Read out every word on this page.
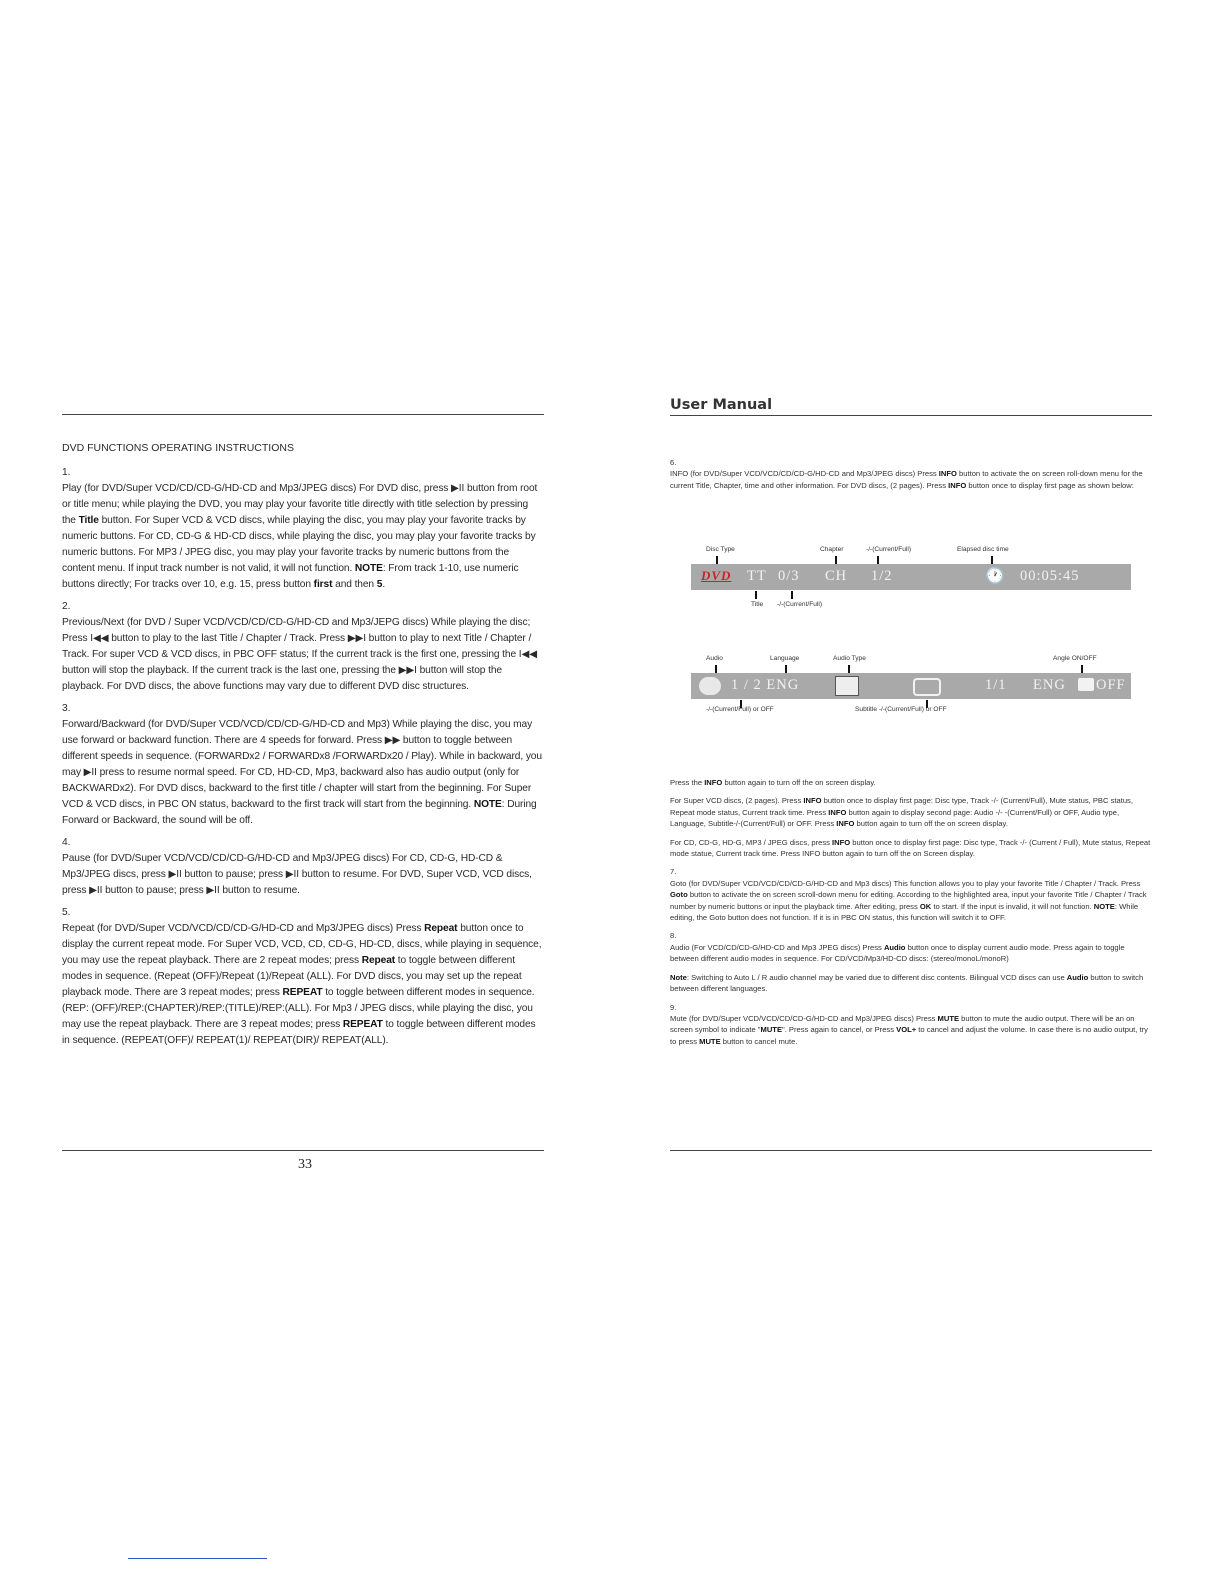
DVD FUNCTIONS OPERATING INSTRUCTIONS

1.

Play (for DVD/Super VCD/CD/CD-G/HD-CD and Mp3/JPEG discs) For DVD disc, press ▶II button from root or title menu; while playing the DVD, you may play your favorite title directly with title selection by pressing the Title button. For Super VCD & VCD discs, while playing the disc, you may play your favorite tracks by numeric buttons. For CD, CD-G & HD-CD discs, while playing the disc, you may play your favorite tracks by numeric buttons. For MP3 / JPEG disc, you may play your favorite tracks by numeric buttons from the content menu. If input track number is not valid, it will not function. NOTE: From track 1-10, use numeric buttons directly; For tracks over 10, e.g. 15, press button first and then 5.

2.

Previous/Next (for DVD / Super VCD/VCD/CD/CD-G/HD-CD and Mp3/JEPG discs) While playing the disc; Press I◀◀ button to play to the last Title / Chapter / Track. Press ▶▶I button to play to next Title / Chapter / Track. For super VCD & VCD discs, in PBC OFF status; If the current track is the first one, pressing the I◀◀ button will stop the playback. If the current track is the last one, pressing the ▶▶I button will stop the playback. For DVD discs, the above functions may vary due to different DVD disc structures.

3.

Forward/Backward (for DVD/Super VCD/VCD/CD/CD-G/HD-CD and Mp3) While playing the disc, you may use forward or backward function. There are 4 speeds for forward. Press ▶▶ button to toggle between different speeds in sequence. (FORWARDx2 / FORWARDx8 /FORWARDx20 / Play). While in backward, you may ▶II press to resume normal speed. For CD, HD-CD, Mp3, backward also has audio output (only for BACKWARDx2). For DVD discs, backward to the first title / chapter will start from the beginning. For Super VCD & VCD discs, in PBC ON status, backward to the first track will start from the beginning. NOTE: During Forward or Backward, the sound will be off.

4.

Pause (for DVD/Super VCD/VCD/CD/CD-G/HD-CD and Mp3/JPEG discs) For CD, CD-G, HD-CD & Mp3/JPEG discs, press ▶II button to pause; press ▶II button to resume. For DVD, Super VCD, VCD discs, press ▶II button to pause; press ▶II button to resume.

5.

Repeat (for DVD/Super VCD/VCD/CD/CD-G/HD-CD and Mp3/JPEG discs) Press Repeat button once to display the current repeat mode. For Super VCD, VCD, CD, CD-G, HD-CD, discs, while playing in sequence, you may use the repeat playback. There are 2 repeat modes; press Repeat to toggle between different modes in sequence. (Repeat (OFF)/Repeat (1)/Repeat (ALL). For DVD discs, you may set up the repeat playback mode. There are 3 repeat modes; press REPEAT to toggle between different modes in sequence. (REP: (OFF)/REP:(CHAPTER)/REP:(TITLE)/REP:(ALL). For Mp3 / JPEG discs, while playing the disc, you may use the repeat playback. There are 3 repeat modes; press REPEAT to toggle between different modes in sequence. (REPEAT(OFF)/ REPEAT(1)/ REPEAT(DIR)/ REPEAT(ALL).

33
User Manual

6.

INFO (for DVD/Super VCD/VCD/CD/CD-G/HD-CD and Mp3/JPEG discs) Press INFO button to activate the on screen roll-down menu for the current Title, Chapter, time and other information. For DVD discs, (2 pages). Press INFO button once to display first page as shown below:

Disc Type	Chapter	-/-(Current/Full)	Elapsed disc time
DVD TT 0/3 CH 1/2	🕐 00:05:45
Title -/-(Current/Full)
Audio	Language	Audio Type	Angle ON/OFF
1 / 2 ENG	1/1 ENG OFF
-/-(Current/Full) or OFF	Subtitle -/-(Current/Full) or OFF

Press the INFO button again to turn off the on screen display.

For Super VCD discs, (2 pages). Press INFO button once to display first page: Disc type, Track -/- (Current/Full), Mute status, PBC status, Repeat mode status, Current track time. Press INFO button again to display second page: Audio -/- -(Current/Full) or OFF, Audio type, Language, Subtitle-/-(Current/Full) or OFF. Press INFO button again to turn off the on screen display.

For CD, CD-G, HD-G, MP3 / JPEG discs, press INFO button once to display first page: Disc type, Track -/- (Current / Full), Mute status, Repeat mode statue, Current track time. Press INFO button again to turn off the on Screen display.

7.

Goto (for DVD/Super VCD/VCD/CD/CD-G/HD-CD and Mp3 discs) This function allows you to play your favorite Title / Chapter / Track. Press Goto button to activate the on screen scroll-down menu for editing. According to the highlighted area, input your favorite Title / Chapter / Track number by numeric buttons or input the playback time. After editing, press OK to start. If the input is invalid, it will not function. NOTE: While editing, the Goto button does not function. If it is in PBC ON status, this function will switch it to OFF.

8.

Audio (For VCD/CD/CD-G/HD-CD and Mp3 JPEG discs) Press Audio button once to display current audio mode. Press again to toggle between different audio modes in sequence. For CD/VCD/Mp3/HD-CD discs: (stereo/monoL/monoR)

Note: Switching to Auto L / R audio channel may be varied due to different disc contents. Bilingual VCD discs can use Audio button to switch between different languages.

9.

Mute (for DVD/Super VCD/VCD/CD/CD-G/HD-CD and Mp3/JPEG discs) Press MUTE button to mute the audio output. There will be an on screen symbol to indicate "MUTE". Press again to cancel, or Press VOL+ to cancel and adjust the volume. In case there is no audio output, try to press MUTE button to cancel mute.
